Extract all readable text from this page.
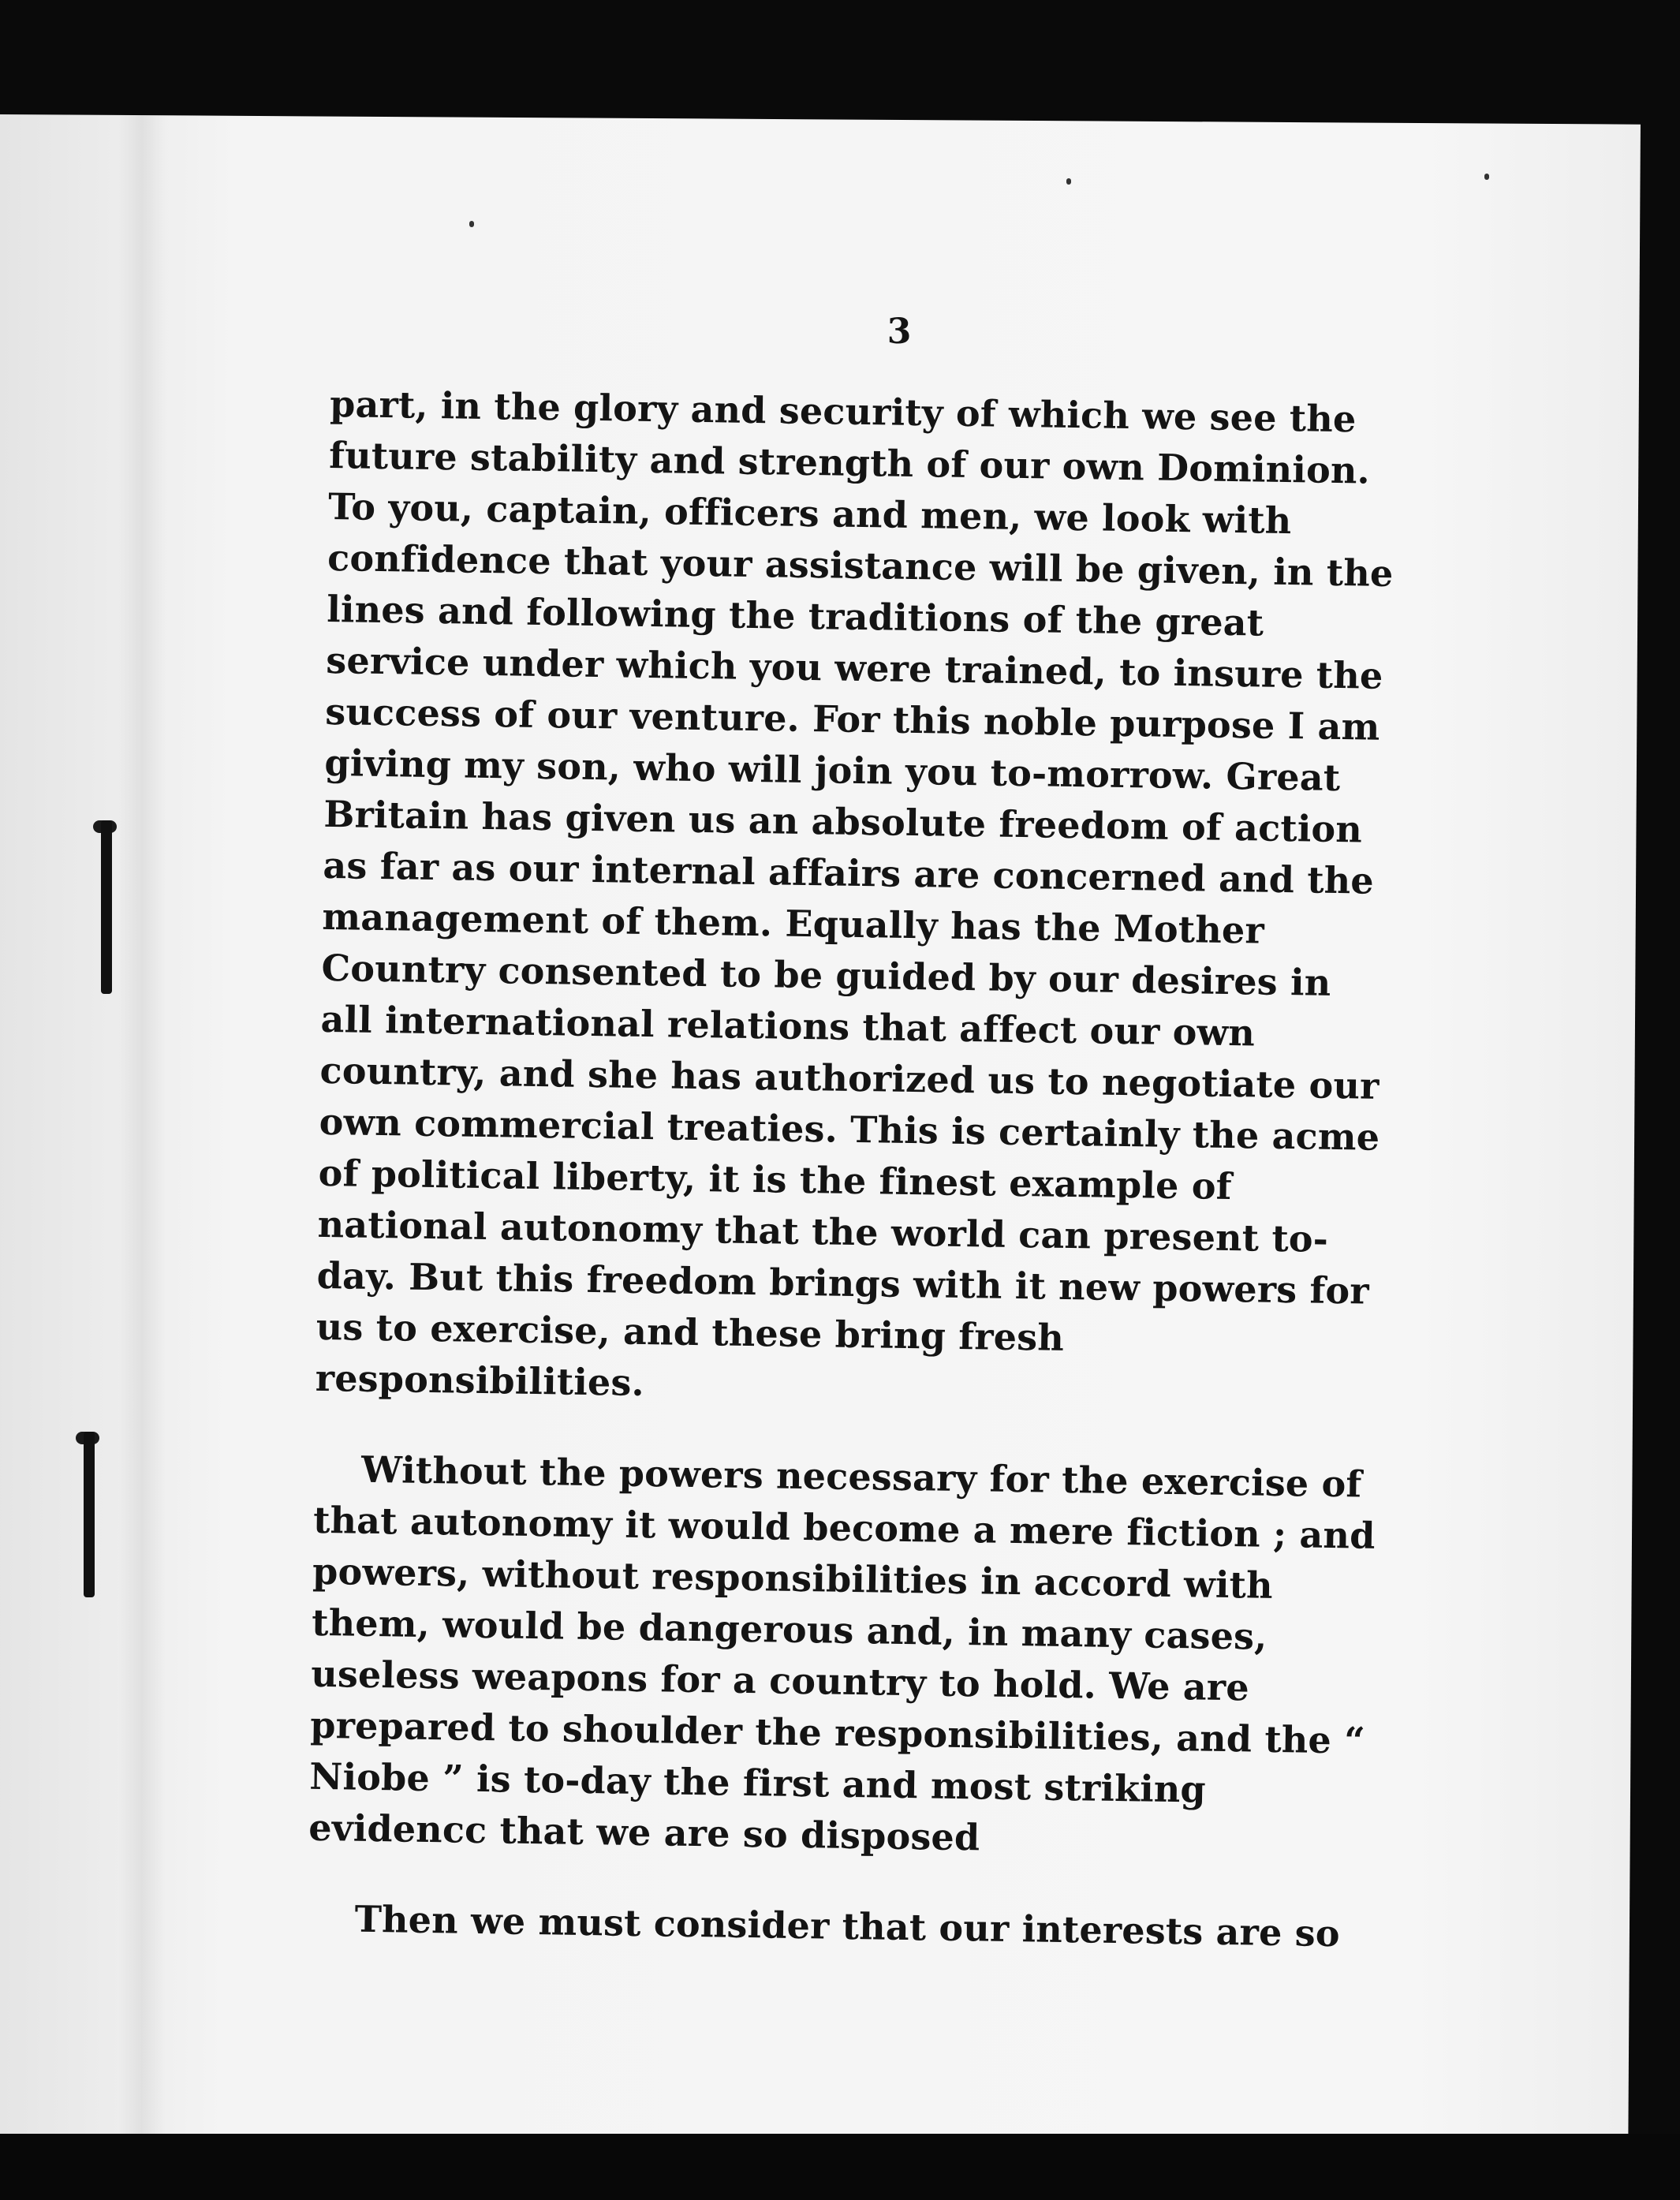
3

part, in the glory and security of which we see the future stability and strength of our own Dominion. To you, captain, officers and men, we look with confidence that your assistance will be given, in the lines and following the traditions of the great service under which you were trained, to insure the success of our venture. For this noble purpose I am giving my son, who will join you to-morrow. Great Britain has given us an absolute freedom of action as far as our internal affairs are concerned and the management of them. Equally has the Mother Country consented to be guided by our desires in all international relations that affect our own country, and she has authorized us to negotiate our own commercial treaties. This is certainly the acme of political liberty, it is the finest example of national autonomy that the world can present to-day. But this freedom brings with it new powers for us to exercise, and these bring fresh responsibilities.

Without the powers necessary for the exercise of that autonomy it would become a mere fiction ; and powers, without responsibilities in accord with them, would be dangerous and, in many cases, useless weapons for a country to hold. We are prepared to shoulder the responsibilities, and the “ Niobe ” is to-day the first and most striking evidencc that we are so disposed

Then we must consider that our interests are so
